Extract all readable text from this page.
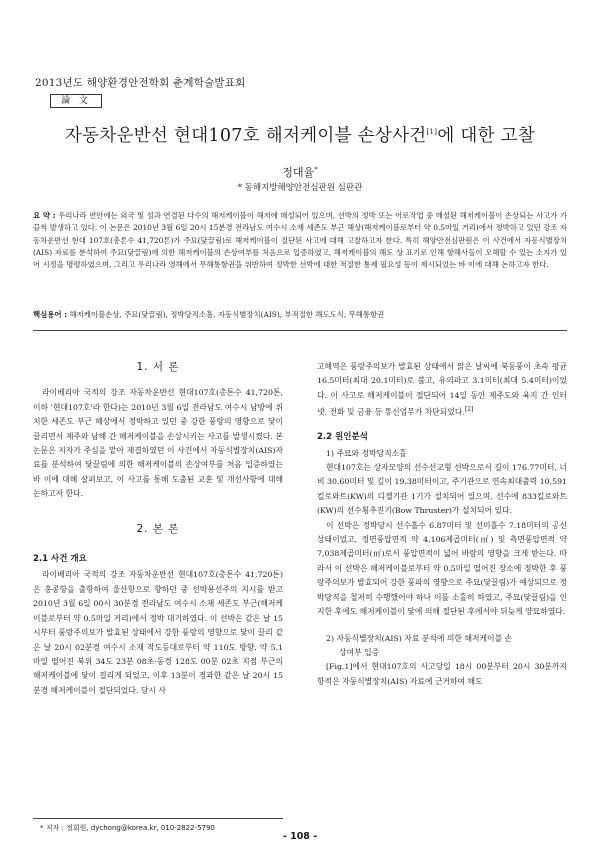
2013년도 해양환경안전학회 춘계학술발표회
論 文
자동차운반선 현대107호 해저케이블 손상사건[1]에 대한 고찰
정대율*
* 동해지방해양안전심판원 심판관
요 약 : 우리나라 연안에는 외국 및 섬과 연결된 다수의 해저케이블이 해저에 매설되어 있으며, 선박의 정박 또는 어로작업 중 매설된 해저케이블이 손상되는 사고가 가끔씩 발생하고 있다. 이 논문은 2010년 3월 6일 20시 15분경 전라남도 여수시 소재 세존도 부근 해상(해저케이블로부터 약 0.5마일 거리)에서 정박하고 있던 강조 자동차운반선 현대 107호(총톤수 41,720톤)가 주묘(닻끌림)로 해저케이블이 절단된 사고에 대해 고찰하고자 한다. 특히 해양안전심판원은 이 사건에서 자동식별장치(AIS) 자료를 분석하여 주묘(닻끌림)에 의한 해저케이블의 손상여부를 처음으로 입증하였고, 해저케이블의 해도 상 표기로 인해 항해사들이 오해할 수 있는 소지가 있어 시정을 명령하였으며, 그리고 우리나라 영해에서 무해통항권을 위반하여 정박한 선박에 대한 적절한 통제 필요성 등이 제시되었는 바 이에 대해 논하고자 한다.
핵심용어 : 해저케이블손상, 주묘(닻끌림), 정박당직소홀, 자동식별장치(AIS), 부적절한 해도도식, 무해통항권
1. 서 론

라이베리아 국적의 강조 자동차운반선 현대107호(총톤수 41,720톤, 이하 '현대107호'라 한다)는 2010년 3월 6일 전라남도 여수시 남방에 위치한 세존도 부근 해상에서 정박하고 있던 중 강한 풍랑의 영향으로 닻이 끌리면서 제주와 남해 간 해저케이블을 손상시키는 사고를 발생시켰다. 본 논문은 지자가 주심을 맡아 재결하였던 이 사건에서 자동식별장치(AIS)자료를 분석하여 닻끌림에 의한 해저케이블의 손상여부를 처음 입증하였는 바 이에 대해 살펴보고, 이 사고를 통해 도출된 교훈 및 개선사항에 대해 논하고자 한다.

2. 본 론
2.1 사건 개요

라이베리아 국적의 강조 자동차운반선 현대107호(총톤수 41,720톤)은 홍콩항을 출항하여 울산항으로 향하던 중 선박용선주의 지시를 받고 2010년 3월 6일 00시 30분경 전라남도 여수시 소재 세존도 부근(해저케이블로부터 약 0.5마일 거리)에서 정박 대기하였다. 이 선박은 같은 날 15시부터 풍랑주의보가 발효된 상태에서 강한 풍랑의 영향으로 닻이 끌리 같은 날 20시 02분경 여수시 소재 작도등대로부터 약 110도 방향, 약 5.1마일 떨어진 북위 34도 23분 08초·동경 128도 00분 02초 지점 부근의 해저케이블에 닻이 걸리게 되었고, 이후 13분이 경과한 같은 날 20시 15분경 해저케이블이 절단되었다. 당시 사

고해역은 풍랑주의보가 발효된 상태에서 맑은 날씨에 북동풍이 초속 평균 16.5미터(최대 20.1미터)로 불고, 유의파고 3.1미터(최대 5.4미터)이었다. 이 사고로 해저케이블이 절단되어 14일 동안 제주도와 육지 간 인터넷, 전화 및 금융 등 통신업무가 차단되었다.[2]

2.2 원인분석
1) 주묘와 정박당직소홀

현대107호는 상자모양의 선수선교형 선박으로서 길이 176.77미터, 너비 30.60미터 및 깊이 19.38미터이고, 주기관으로 연속최대출력 10,591 킬로와트(KW)의 디젤기관 1기가 설치되어 있으며, 선수에 833킬로와트(KW)의 선수횡추진기(Bow Thruster)가 설치되어 있다.

이 선박은 정박당시 선수흘수 6.87미터 및 선미흘수 7.18미터의 공선상태이었고, 정면풍압면적 약 4,106제곱미터(㎡) 및 측면풍압면적 약 7,038제곱미터(㎡)로서 풍압면적이 넓어 바람의 영향을 크게 받는다. 따라서 이 선박은 해저케이블로부터 약 0.5마일 떨어진 장소에 정박한 후 풍랑주의보가 발효되어 강한 풍파의 영향으로 주묘(닻끌림)가 예상되므로 정박당직을 철저히 수행했어야 하나 이를 소홀히 하였고, 주묘(닻끌림)을 인지한 후에도 해저케이블이 닻에 의해 절단된 후에서야 뒤늦게 양묘하였다.

2) 자동식별장치(AIS) 자료 분석에 의한 해저케이블 손
상여부 입증

[Fig.1]에서 현대107호의 사고당일 18시 00분부터 20시 30분까지 항적은 자동식별장치(AIS) 자료에 근거하여 해도

* 저자 : 정회원, dychong@korea.kr, 010-2822-5790
- 108 -
